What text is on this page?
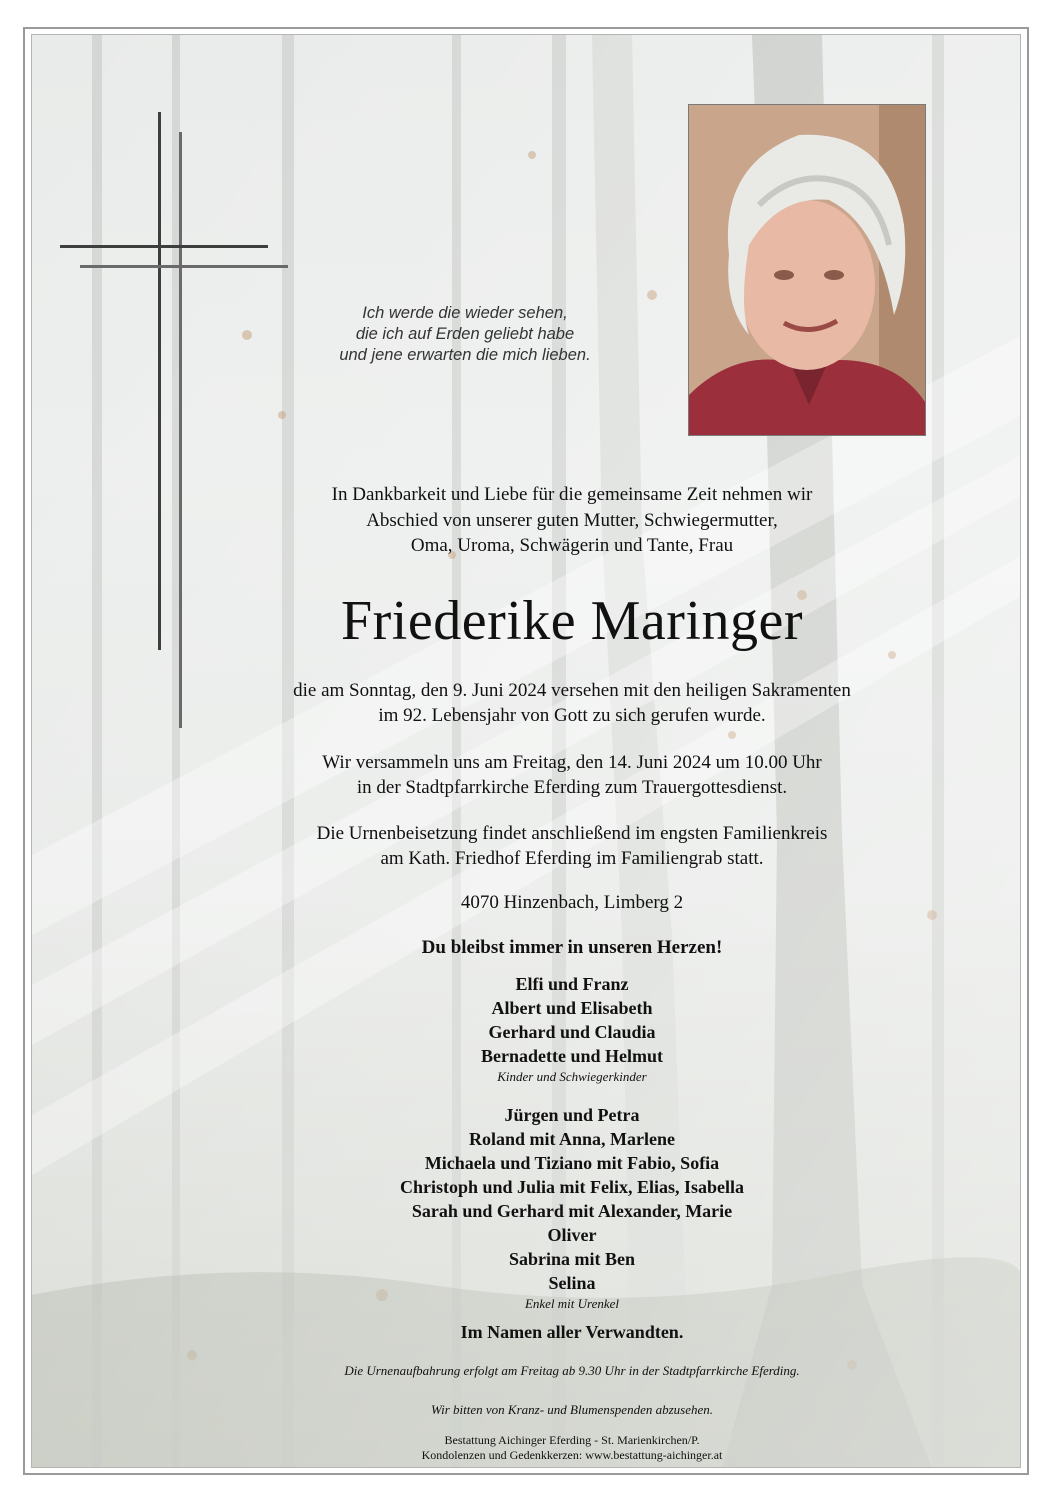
Ich werde die wieder sehen,
die ich auf Erden geliebt habe
und jene erwarten die mich lieben.
In Dankbarkeit und Liebe für die gemeinsame Zeit nehmen wir
Abschied von unserer guten Mutter, Schwiegermutter,
Oma, Uroma, Schwägerin und Tante, Frau
Friederike Maringer
die am Sonntag, den 9. Juni 2024 versehen mit den heiligen Sakramenten
im 92. Lebensjahr von Gott zu sich gerufen wurde.
Wir versammeln uns am Freitag, den 14. Juni 2024 um 10.00 Uhr
in der Stadtpfarrkirche Eferding zum Trauergottesdienst.
Die Urnenbeisetzung findet anschließend im engsten Familienkreis
am Kath. Friedhof Eferding im Familiengrab statt.
4070 Hinzenbach, Limberg 2
Du bleibst immer in unseren Herzen!
Elfi und Franz
Albert und Elisabeth
Gerhard und Claudia
Bernadette und Helmut
Kinder und Schwiegerkinder
Jürgen und Petra
Roland mit Anna, Marlene
Michaela und Tiziano mit Fabio, Sofia
Christoph und Julia mit Felix, Elias, Isabella
Sarah und Gerhard mit Alexander, Marie
Oliver
Sabrina mit Ben
Selina
Enkel mit Urenkel
Im Namen aller Verwandten.
Die Urnenaufbahrung erfolgt am Freitag ab 9.30 Uhr in der Stadtpfarrkirche Eferding.
Wir bitten von Kranz- und Blumenspenden abzusehen.
Bestattung Aichinger Eferding - St. Marienkirchen/P.
Kondolenzen und Gedenkkerzen: www.bestattung-aichinger.at
